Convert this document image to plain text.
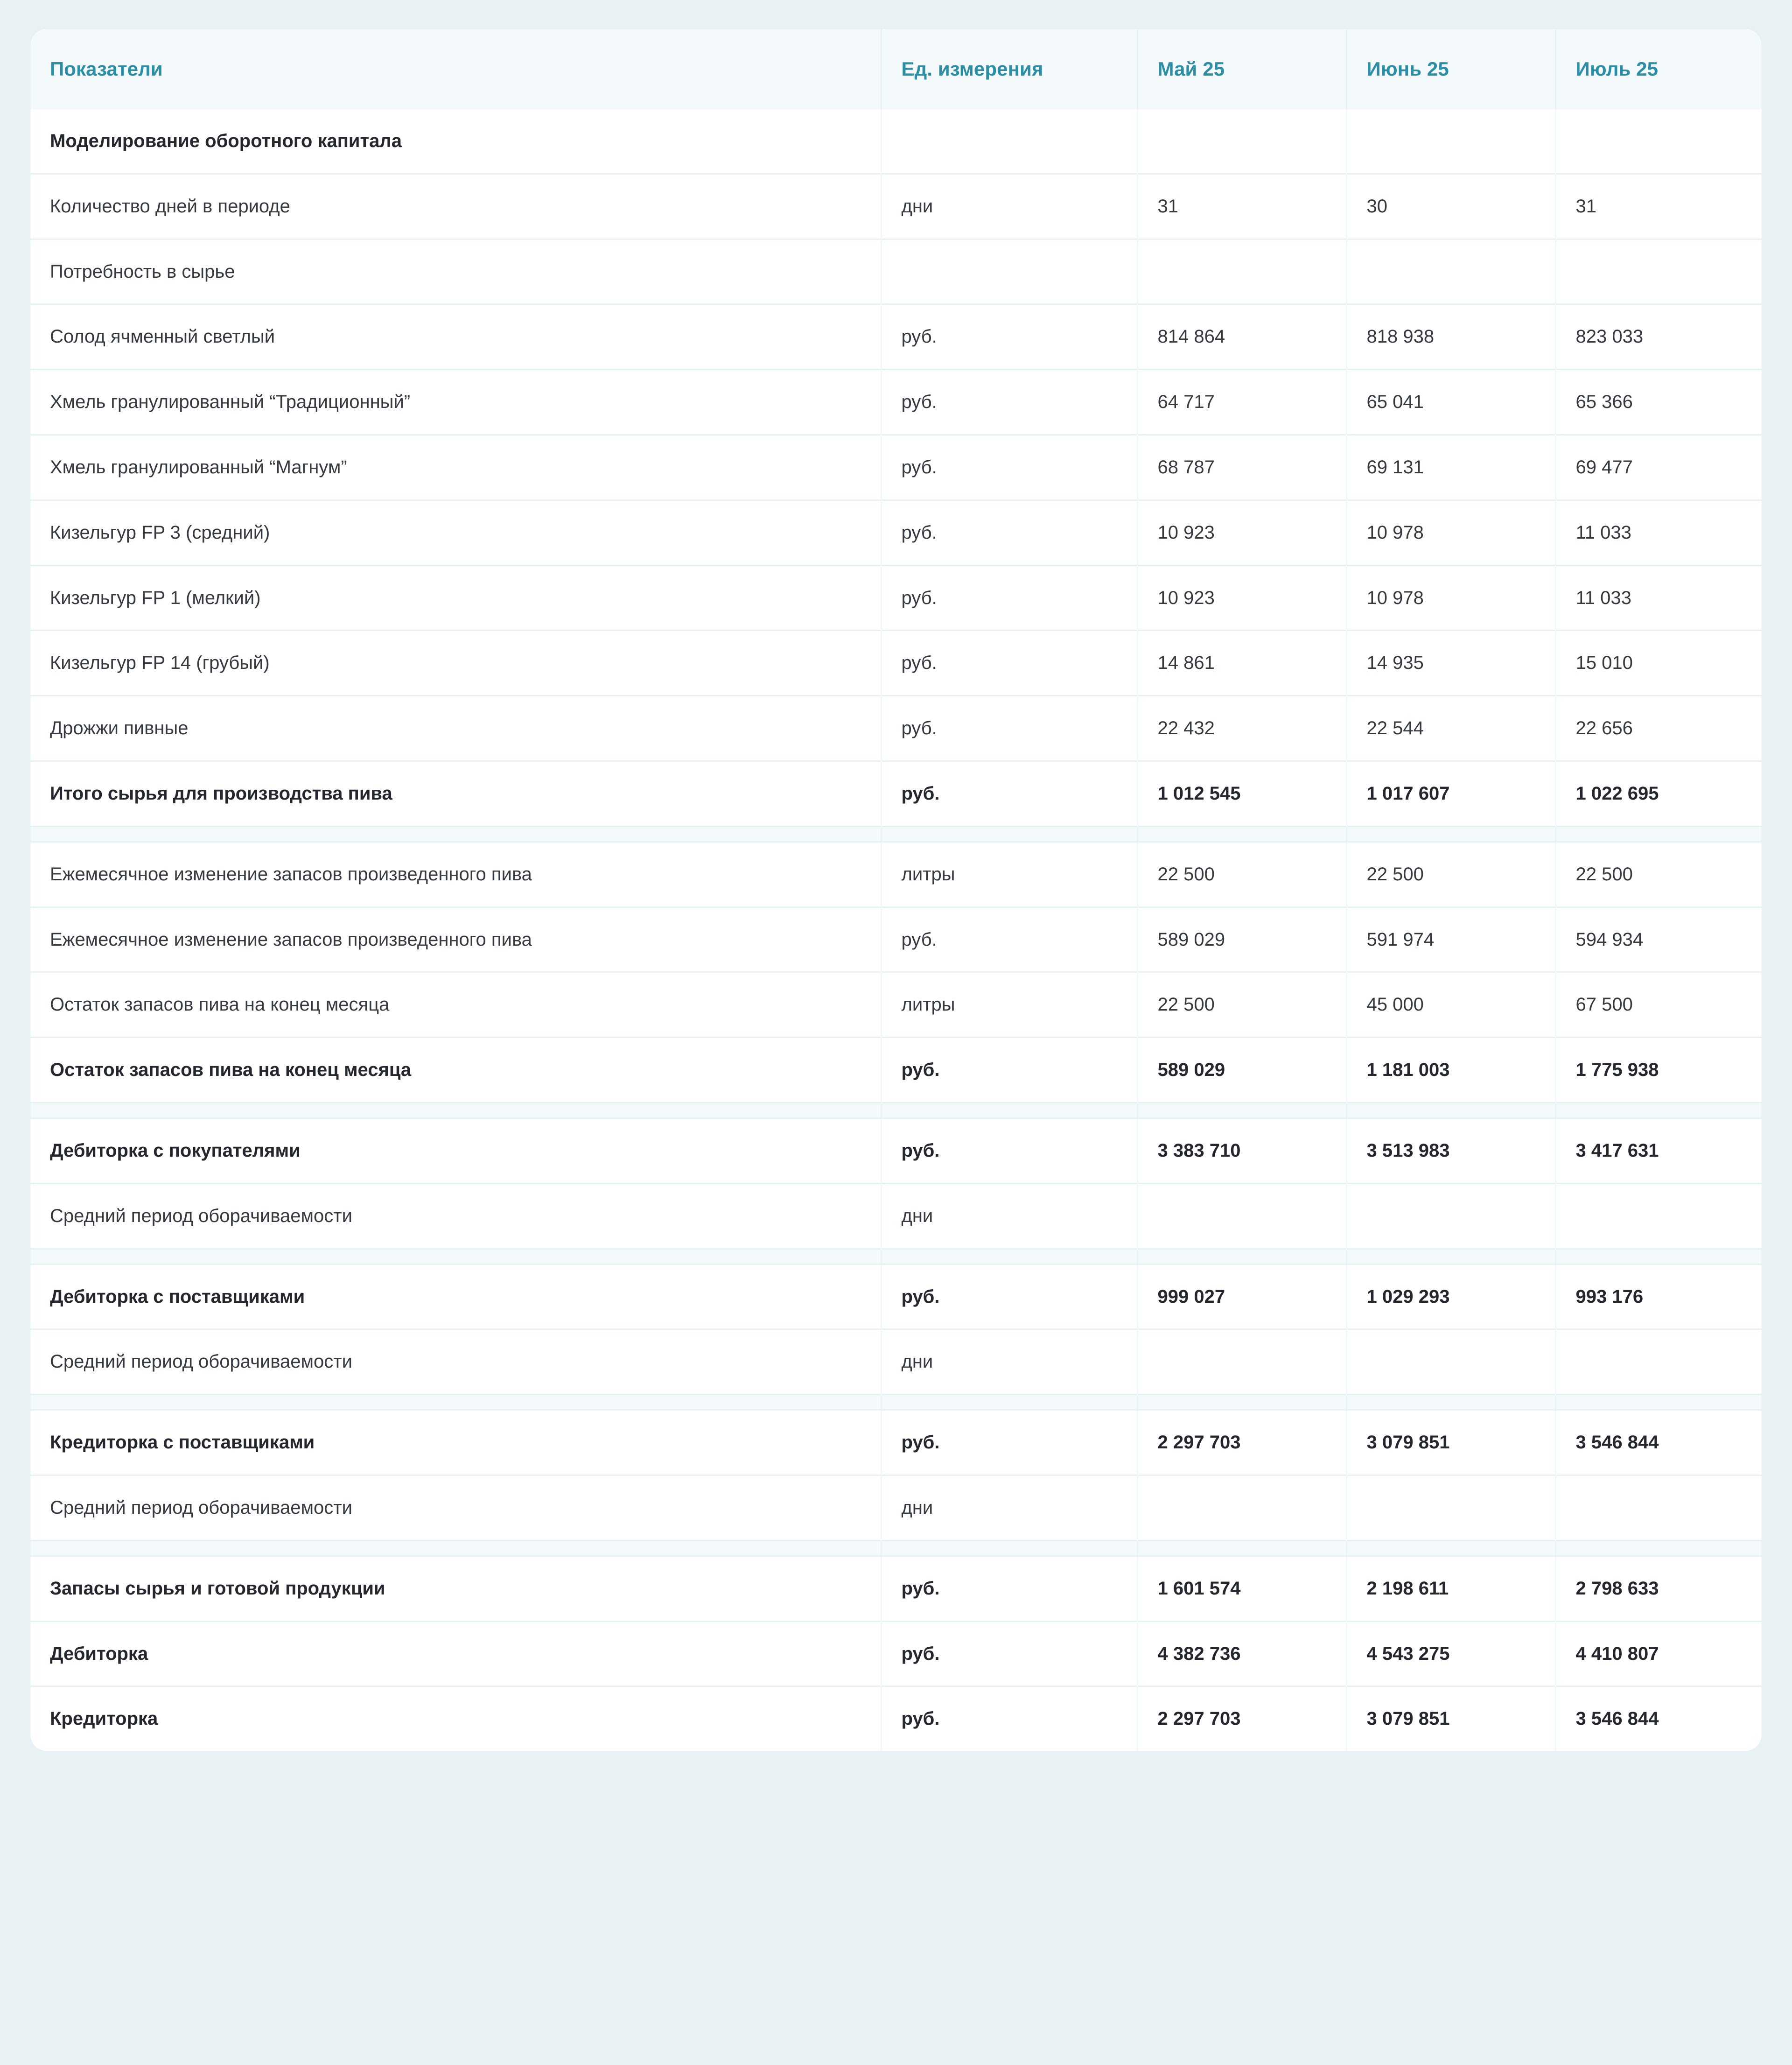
Показатели	Ед. измерения	Май 25	Июнь 25	Июль 25
Моделирование оборотного капитала				
Количество дней в периоде	дни	31	30	31
Потребность в сырье				
Солод ячменный светлый	руб.	814 864	818 938	823 033
Хмель гранулированный “Традиционный”	руб.	64 717	65 041	65 366
Хмель гранулированный “Магнум”	руб.	68 787	69 131	69 477
Кизельгур FP 3 (средний)	руб.	10 923	10 978	11 033
Кизельгур FP 1 (мелкий)	руб.	10 923	10 978	11 033
Кизельгур FP 14 (грубый)	руб.	14 861	14 935	15 010
Дрожжи пивные	руб.	22 432	22 544	22 656
Итого сырья для производства пива	руб.	1 012 545	1 017 607	1 022 695

Ежемесячное изменение запасов произведенного пива	литры	22 500	22 500	22 500
Ежемесячное изменение запасов произведенного пива	руб.	589 029	591 974	594 934
Остаток запасов пива на конец месяца	литры	22 500	45 000	67 500
Остаток запасов пива на конец месяца	руб.	589 029	1 181 003	1 775 938

Дебиторка с покупателями	руб.	3 383 710	3 513 983	3 417 631
Средний период оборачиваемости	дни			

Дебиторка с поставщиками	руб.	999 027	1 029 293	993 176
Средний период оборачиваемости	дни			

Кредиторка с поставщиками	руб.	2 297 703	3 079 851	3 546 844
Средний период оборачиваемости	дни			

Запасы сырья и готовой продукции	руб.	1 601 574	2 198 611	2 798 633
Дебиторка	руб.	4 382 736	4 543 275	4 410 807
Кредиторка	руб.	2 297 703	3 079 851	3 546 844
